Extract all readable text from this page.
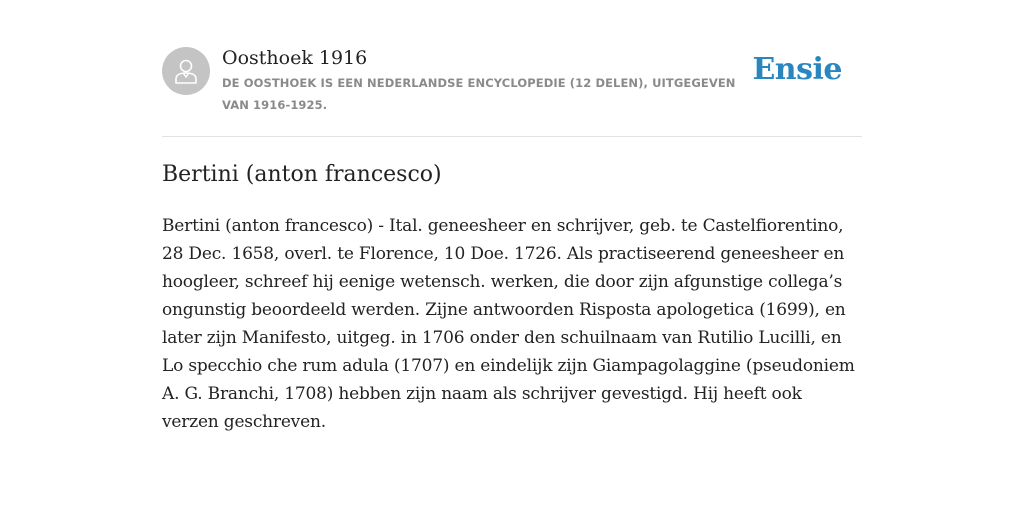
Oosthoek 1916
DE OOSTHOEK IS EEN NEDERLANDSE ENCYCLOPEDIE (12 DELEN), UITGEGEVEN VAN 1916-1925.
Ensie
Bertini (anton francesco)

Bertini (anton francesco) - Ital. geneesheer en schrijver, geb. te Castelfiorentino, 28 Dec. 1658, overl. te Florence, 10 Doe. 1726. Als practiseerend geneesheer en hoogleer, schreef hij eenige wetensch. werken, die door zijn afgunstige collega’s ongunstig beoordeeld werden. Zijne antwoorden Risposta apologetica (1699), en later zijn Manifesto, uitgeg. in 1706 onder den schuilnaam van Rutilio Lucilli, en Lo specchio che rum adula (1707) en eindelijk zijn Giampagolaggine (pseudoniem A. G. Branchi, 1708) hebben zijn naam als schrijver gevestigd. Hij heeft ook verzen geschreven.
